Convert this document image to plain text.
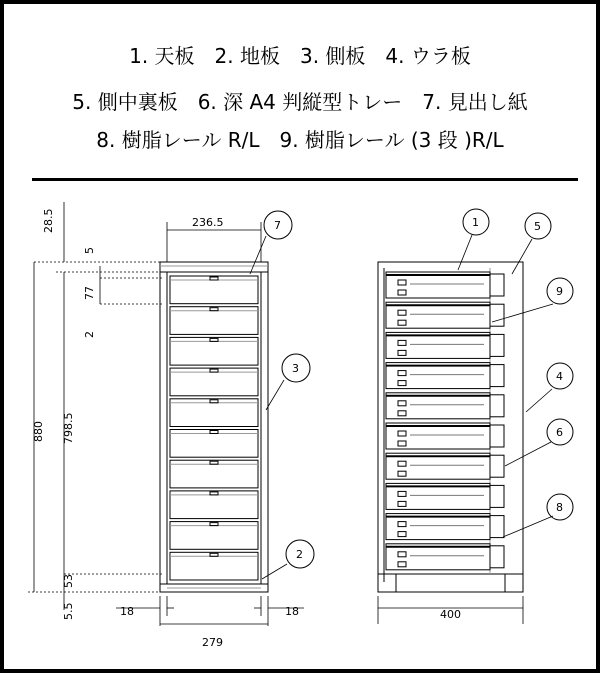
1. 天板　2. 地板　3. 側板　4. ウラ板
5. 側中裏板　6. 深 A4 判縦型トレー　7. 見出し紙
8. 樹脂レール R/L　9. 樹脂レール (3 段 )R/L
236.5
28.5
5
77
2
798.5
880
53
5.5	18	18
279
7
3
2
400
1	5
9
4
6
8
